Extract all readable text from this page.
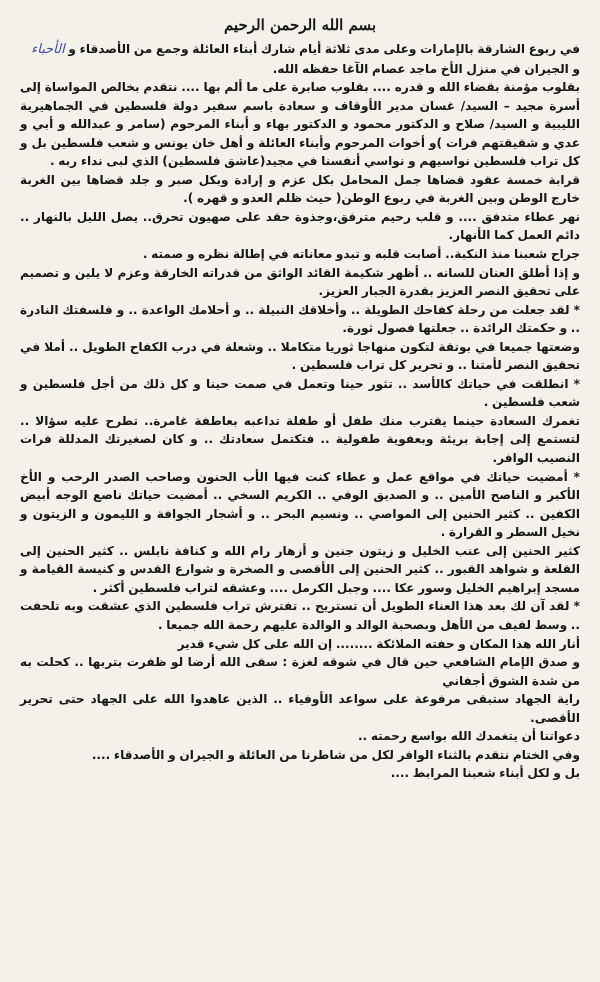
بسم الله الرحمن الرحيم

في ربوع الشارقة بالإمارات وعلى مدى ثلاثة أيام شارك أبناء العائلة وجمع من الأصدقاء و الأحباء

و الجيران في منزل الأخ ماجد عصام الآغا حفظه الله.

بقلوب مؤمنة بقضاء الله و قدره .... بقلوب صابرة على ما ألم بها .... نتقدم بخالص المواساة إلى أسرة مجيد – السيد/ غسان مدير الأوقاف و سعادة باسم سفير دولة فلسطين في الجماهيرية الليبية و السيد/ صلاح و الدكتور محمود و الدكتور بهاء و أبناء المرحوم (سامر و عبدالله و أبي و عدي و شقيقتهم فرات )و أخوات المرحوم وأبناء العائلة و أهل خان يونس و شعب فلسطين بل و كل تراب فلسطين نواسيهم و نواسي أنفسنا في مجيد(عاشق فلسطين) الذي لبى نداء ربه .

قرابة خمسة عقود قضاها جمل المحامل بكل عزم و إرادة وبكل صبر و جلد قضاها بين الغربة خارج الوطن وبين الغربة في ربوع الوطن( حيث ظلم العدو و قهره ).

نهر عطاء متدفق .... و قلب رحيم مترفق،وجذوة حقد على صهيون تحرق.. يصل الليل بالنهار .. دائم العمل كما الأنهار.

جراح شعبنا منذ النكبة.. أصابت قلبه و تبدو معاناته في إطالة نظره و صمته .

و إذا أطلق العنان للسانه .. أظهر شكيمة القائد الواثق من قدراته الخارقة وعزم لا يلين و تصميم على تحقيق النصر العزيز بقدرة الجبار العزيز.

* لقد جعلت من رحلة كفاحك الطويلة .. وأخلاقك النبيلة .. و أحلامك الواعدة .. و فلسفتك النادرة .. و حكمتك الرائدة .. جعلتها فصول ثورة.

وضعتها جميعا في بوتقة لتكون منهاجا ثوريا متكاملا .. وشعلة في درب الكفاح الطويل .. أملا في تحقيق النصر لأمتنا .. و تحرير كل تراب فلسطين .

* انطلقت في حياتك كالأسد .. تثور حينا وتعمل في صمت حينا و كل ذلك من أجل فلسطين و شعب فلسطين .

تغمرك السعادة حينما يقترب منك طفل أو طفلة تداعبه بعاطفة غامرة.. تطرح عليه سؤالا .. لتستمع إلى إجابة بريئة وبعفوية طفولية .. فتكتمل سعادتك .. و كان لصغيرتك المدللة فرات النصيب الوافر.

* أمضيت حياتك في مواقع عمل و عطاء كنت فيها الأب الحنون وصاحب الصدر الرحب و الأخ الأكبر و الناصح الأمين .. و الصديق الوفي .. الكريم السخي .. أمضيت حياتك ناصع الوجه أبيض الكفين .. كثير الحنين إلى المواصي .. ونسيم البحر .. و أشجار الجوافة و الليمون و الزيتون و نخيل السطر و القرارة .

كثير الحنين إلى عنب الخليل و زيتون جنين و أزهار رام الله و كنافة نابلس .. كثير الحنين إلى القلعة و شواهد القبور .. كثير الحنين إلى الأقصى و الصخرة و شوارع القدس و كنيسة القيامة و مسجد إبراهيم الخليل وسور عكا .... وجبل الكرمل .... وعشقه لتراب فلسطين أكثر .

* لقد آن لك بعد هذا العناء الطويل أن تستريح .. تفترش تراب فلسطين الذي عشقت وبه تلحفت .. وسط لفيف من الأهل وبصحبة الوالد و الوالدة عليهم رحمة الله جميعا .

أنار الله هذا المكان و حفته الملائكة ........ إن الله على كل شيء قدير

و صدق الإمام الشافعي حين قال في شوقه لغزة : سقى الله أرضا لو ظفرت بتربها .. كحلت به من شدة الشوق أجفاني

راية الجهاد ستبقى مرفوعة على سواعد الأوفياء .. الذين عاهدوا الله على الجهاد حتى تحرير الأقصى.

دعواتنا أن يتغمدك الله بواسع رحمته ..

وفي الختام نتقدم بالثناء الوافر لكل من شاطرنا من العائلة و الجيران و الأصدقاء ....

بل و لكل أبناء شعبنا المرابط ....
